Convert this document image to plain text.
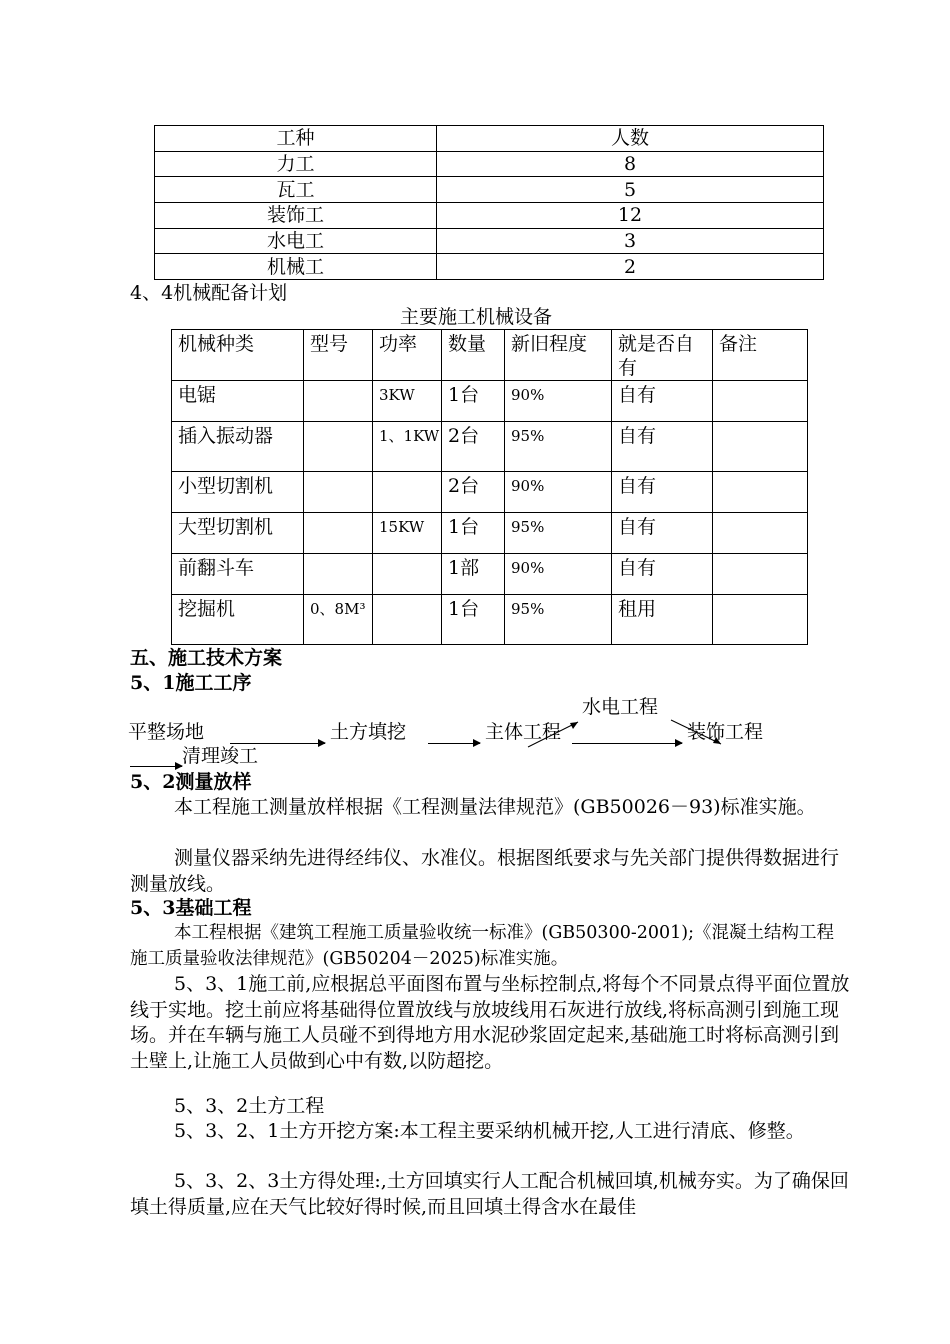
工种	人数
力工	8
瓦工	5
装饰工	12
水电工	3
机械工	2
4、4机械配备计划
主要施工机械设备
机械种类	型号	功率	数量	新旧程度	就是否自有	备注
电锯		3KW	1台	90%	自有	
插入振动器		1、1KW	2台	95%	自有	
小型切割机			2台	90%	自有	
大型切割机		15KW	1台	95%	自有	
前翻斗车			1部	90%	自有	
挖掘机	0、8M³		1台	95%	租用	
五、施工技术方案
5、1施工工序
平整场地	土方填挖	主体工程
水电工程
装饰工程
清理竣工
5、2测量放样
本工程施工测量放样根据《工程测量法律规范》(GB50026－93)标准实施。
测量仪器采纳先进得经纬仪、水准仪。根据图纸要求与先关部门提供得数据进行测量放线。
5、3基础工程
本工程根据《建筑工程施工质量验收统一标准》(GB50300-2001);《混凝土结构工程施工质量验收法律规范》(GB50204－2025)标准实施。
5、3、1施工前,应根据总平面图布置与坐标控制点,将每个不同景点得平面位置放线于实地。挖土前应将基础得位置放线与放坡线用石灰进行放线,将标高测引到施工现场。并在车辆与施工人员碰不到得地方用水泥砂浆固定起来,基础施工时将标高测引到土壁上,让施工人员做到心中有数,以防超挖。
5、3、2土方工程
5、3、2、1土方开挖方案:本工程主要采纳机械开挖,人工进行清底、修整。
5、3、2、3土方得处理:,土方回填实行人工配合机械回填,机械夯实。为了确保回填土得质量,应在天气比较好得时候,而且回填土得含水在最佳
